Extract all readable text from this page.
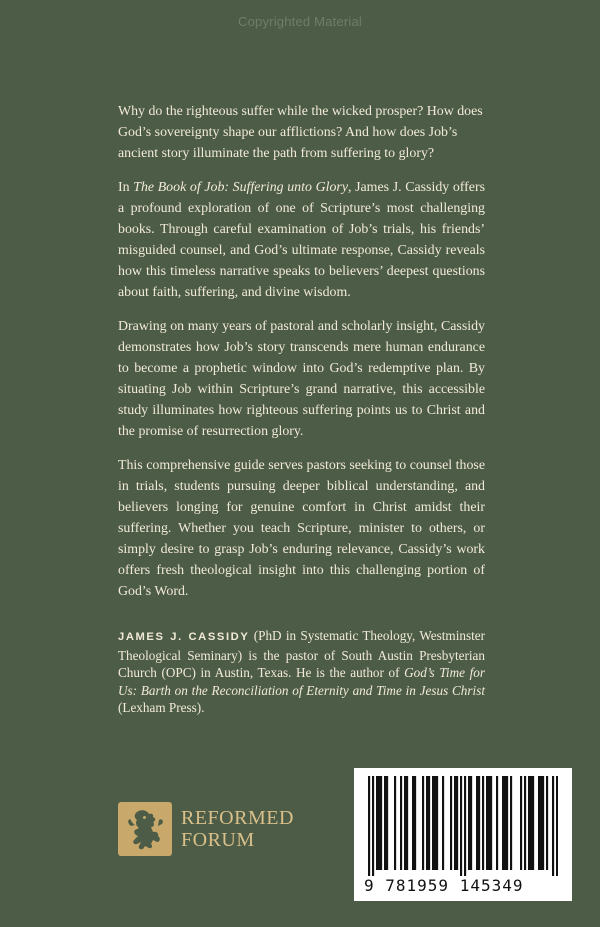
Copyrighted Material

Why do the righteous suffer while the wicked prosper? How does God’s sovereignty shape our afflictions? And how does Job’s ancient story illuminate the path from suffering to glory?

In The Book of Job: Suffering unto Glory, James J. Cassidy offers a profound exploration of one of Scripture’s most challenging books. Through careful examination of Job’s trials, his friends’ misguided counsel, and God’s ultimate response, Cassidy reveals how this timeless narrative speaks to believers’ deepest questions about faith, suffering, and divine wisdom.

Drawing on many years of pastoral and scholarly insight, Cassidy demonstrates how Job’s story transcends mere human endurance to become a prophetic window into God’s redemptive plan. By situating Job within Scripture’s grand narrative, this accessible study illuminates how righteous suffering points us to Christ and the promise of resurrection glory.

This comprehensive guide serves pastors seeking to counsel those in trials, students pursuing deeper biblical understanding, and believers longing for genuine comfort in Christ amidst their suffering. Whether you teach Scripture, minister to others, or simply desire to grasp Job’s enduring relevance, Cassidy’s work offers fresh theological insight into this challenging portion of God’s Word.

JAMES J. CASSIDY (PhD in Systematic Theology, Westminster Theological Seminary) is the pastor of South Austin Presbyterian Church (OPC) in Austin, Texas. He is the author of God’s Time for Us: Barth on the Reconciliation of Eternity and Time in Jesus Christ (Lexham Press).

REFORMED
FORUM
9 781959 145349
